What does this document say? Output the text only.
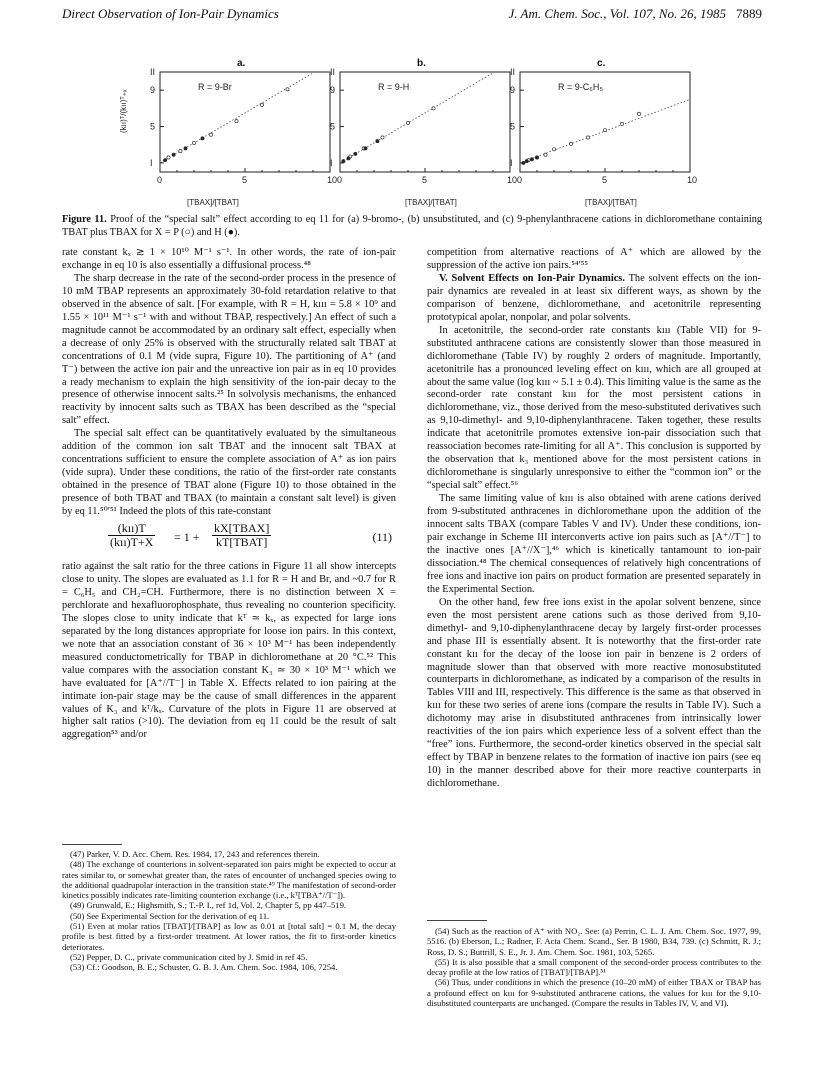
Direct Observation of Ion-Pair Dynamics	J. Am. Chem. Soc., Vol. 107, No. 26, 1985 7889
(kıı)ᵀ/(kıı)ᵀ₊ₓ
a.
R = 9-Br
I
5
9
II
0	5	10
[TBAX]/[TBAT]
b.
R = 9-H
I
5
9
II
0	5	10
[TBAX]/[TBAT]
c.
R = 9-C₆H₅
I
5
9
II
0	5	10
[TBAX]/[TBAT]
Figure 11. Proof of the “special salt” effect according to eq 11 for (a) 9-bromo-, (b) unsubstituted, and (c) 9-phenylanthracene cations in dichloromethane containing TBAT plus TBAX for X = P (○) and H (●).

rate constant kₓ ≳ 1 × 10¹⁰ M⁻¹ s⁻¹. In other words, the rate of ion-pair exchange in eq 10 is also essentially a diffusional process.⁴⁸

The sharp decrease in the rate of the second-order process in the presence of 10 mM TBAP represents an approximately 30-fold retardation relative to that observed in the absence of salt. [For example, with R = H, kııı = 5.8 × 10⁹ and 1.55 × 10¹¹ M⁻¹ s⁻¹ with and without TBAP, respectively.] An effect of such a magnitude cannot be accommodated by an ordinary salt effect, especially when a decrease of only 25% is observed with the structurally related salt TBAT at concentrations of 0.1 M (vide supra, Figure 10). The partitioning of A⁺ (and T⁻) between the active ion pair and the unreactive ion pair as in eq 10 provides a ready mechanism to explain the high sensitivity of the ion-pair decay to the presence of otherwise innocent salts.²⁵ In solvolysis mechanisms, the enhanced reactivity by innocent salts such as TBAX has been described as the “special salt” effect.

The special salt effect can be quantitatively evaluated by the simultaneous addition of the common ion salt TBAT and the innocent salt TBAX at concentrations sufficient to ensure the complete association of A⁺ as ion pairs (vide supra). Under these conditions, the ratio of the first-order rate constants obtained in the presence of TBAT alone (Figure 10) to those obtained in the presence of both TBAT and TBAX (to maintain a constant salt level) is given by eq 11.⁵⁰ʹ⁵¹ Indeed the plots of this rate-constant

(kıı)T
(kıı)T+X = 1 +
kX[TBAX]
kT[TBAT]	(11)

ratio against the salt ratio for the three cations in Figure 11 all show intercepts close to unity. The slopes are evaluated as 1.1 for R = H and Br, and ~0.7 for R = C₆H₅ and CH₂=CH. Furthermore, there is no distinction between X = perchlorate and hexafluorophosphate, thus revealing no counterion specificity. The slopes close to unity indicate that kᵀ ≃ kₓ, as expected for large ions separated by the long distances appropriate for loose ion pairs. In this context, we note that an association constant of 36 × 10³ M⁻¹ has been independently measured conductometrically for TBAP in dichloromethane at 20 °C.⁵² This value compares with the association constant K₃ ≃ 30 × 10³ M⁻¹ which we have evaluated for [A⁺//T⁻] in Table X. Effects related to ion pairing at the intimate ion-pair stage may be the cause of small differences in the apparent values of K₃ and kᵀ/kₓ. Curvature of the plots in Figure 11 are observed at higher salt ratios (>10). The deviation from eq 11 could be the result of salt aggregation⁵³ and/or

(47) Parker, V. D. Acc. Chem. Res. 1984, 17, 243 and references therein.

(48) The exchange of counterions in solvent-separated ion pairs might be expected to occur at rates similar to, or somewhat greater than, the rates of encounter of unchanged species owing to the additional quadrupolar interaction in the transition state.⁴⁹ The manifestation of second-order kinetics possibly indicates rate-limiting counterion exchange (i.e., kᵀ[TBA⁺//T⁻]).

(49) Grunwald, E.; Highsmith, S.; T.-P. I., ref 1d, Vol. 2, Chapter 5, pp 447–519.

(50) See Experimental Section for the derivation of eq 11.

(51) Even at molar ratios [TBAT]/[TBAP] as low as 0.01 at [total salt] = 0.1 M, the decay profile is best fitted by a first-order treatment. At lower ratios, the fit to first-order kinetics deteriorates.

(52) Pepper, D. C., private communication cited by J. Smid in ref 45.

(53) Cf.: Goodson, B. E.; Schuster, G. B. J. Am. Chem. Soc. 1984, 106, 7254.

competition from alternative reactions of A⁺ which are allowed by the suppression of the active ion pairs.⁵⁴ʹ⁵⁵

V. Solvent Effects on Ion-Pair Dynamics. The solvent effects on the ion-pair dynamics are revealed in at least six different ways, as shown by the comparison of benzene, dichloromethane, and acetonitrile representing prototypical apolar, nonpolar, and polar solvents.

In acetonitrile, the second-order rate constants kııı (Table VII) for 9-substituted anthracene cations are consistently slower than those measured in dichloromethane (Table IV) by roughly 2 orders of magnitude. Importantly, acetonitrile has a pronounced leveling effect on kııı, which are all grouped at about the same value (log kııı ~ 5.1 ± 0.4). This limiting value is the same as the second-order rate constant kııı for the most persistent cations in dichloromethane, viz., those derived from the meso-substituted derivatives such as 9,10-dimethyl- and 9,10-diphenylanthracene. Taken together, these results indicate that acetonitrile promotes extensive ion-pair dissociation such that reassociation becomes rate-limiting for all A⁺. This conclusion is supported by the observation that k₃ mentioned above for the most persistent cations in dichloromethane is singularly unresponsive to either the “common ion” or the “special salt” effect.⁵⁶

The same limiting value of kııı is also obtained with arene cations derived from 9-substituted anthracenes in dichloromethane upon the addition of the innocent salts TBAX (compare Tables V and IV). Under these conditions, ion-pair exchange in Scheme III interconverts active ion pairs such as [A⁺//T⁻] to the inactive ones [A⁺//X⁻],⁴⁶ which is kinetically tantamount to ion-pair dissociation.⁴⁸ The chemical consequences of relatively high concentrations of free ions and inactive ion pairs on product formation are presented separately in the Experimental Section.

On the other hand, few free ions exist in the apolar solvent benzene, since even the most persistent arene cations such as those derived from 9,10-dimethyl- and 9,10-diphenylanthracene decay by largely first-order processes and phase III is essentially absent. It is noteworthy that the first-order rate constant kıı for the decay of the loose ion pair in benzene is 2 orders of magnitude slower than that observed with more reactive monosubstituted counterparts in dichloromethane, as indicated by a comparison of the results in Tables VIII and III, respectively. This difference is the same as that observed in kııı for these two series of arene ions (compare the results in Table IV). Such a dichotomy may arise in disubstituted anthracenes from intrinsically lower reactivities of the ion pairs which experience less of a solvent effect than the “free” ions. Furthermore, the second-order kinetics observed in the special salt effect by TBAP in benzene relates to the formation of inactive ion pairs (see eq 10) in the manner described above for their more reactive counterparts in dichloromethane.

(54) Such as the reaction of A⁺ with NO₂. See: (a) Perrin, C. L. J. Am. Chem. Soc. 1977, 99, 5516. (b) Eberson, L.; Radner, F. Acta Chem. Scand., Ser. B 1980, B34, 739. (c) Schmitt, R. J.; Ross, D. S.; Buttrill, S. E., Jr. J. Am. Chem. Soc. 1981, 103, 5265.

(55) It is also possible that a small component of the second-order process contributes to the decay profile at the low ratios of [TBAT]/[TBAP].⁵¹

(56) Thus, under conditions in which the presence (10–20 mM) of either TBAX or TBAP has a profound effect on kııı for 9-substituted anthracene cations, the values for kııı for the 9,10-disubstituted counterparts are unchanged. (Compare the results in Tables IV, V, and VI).
